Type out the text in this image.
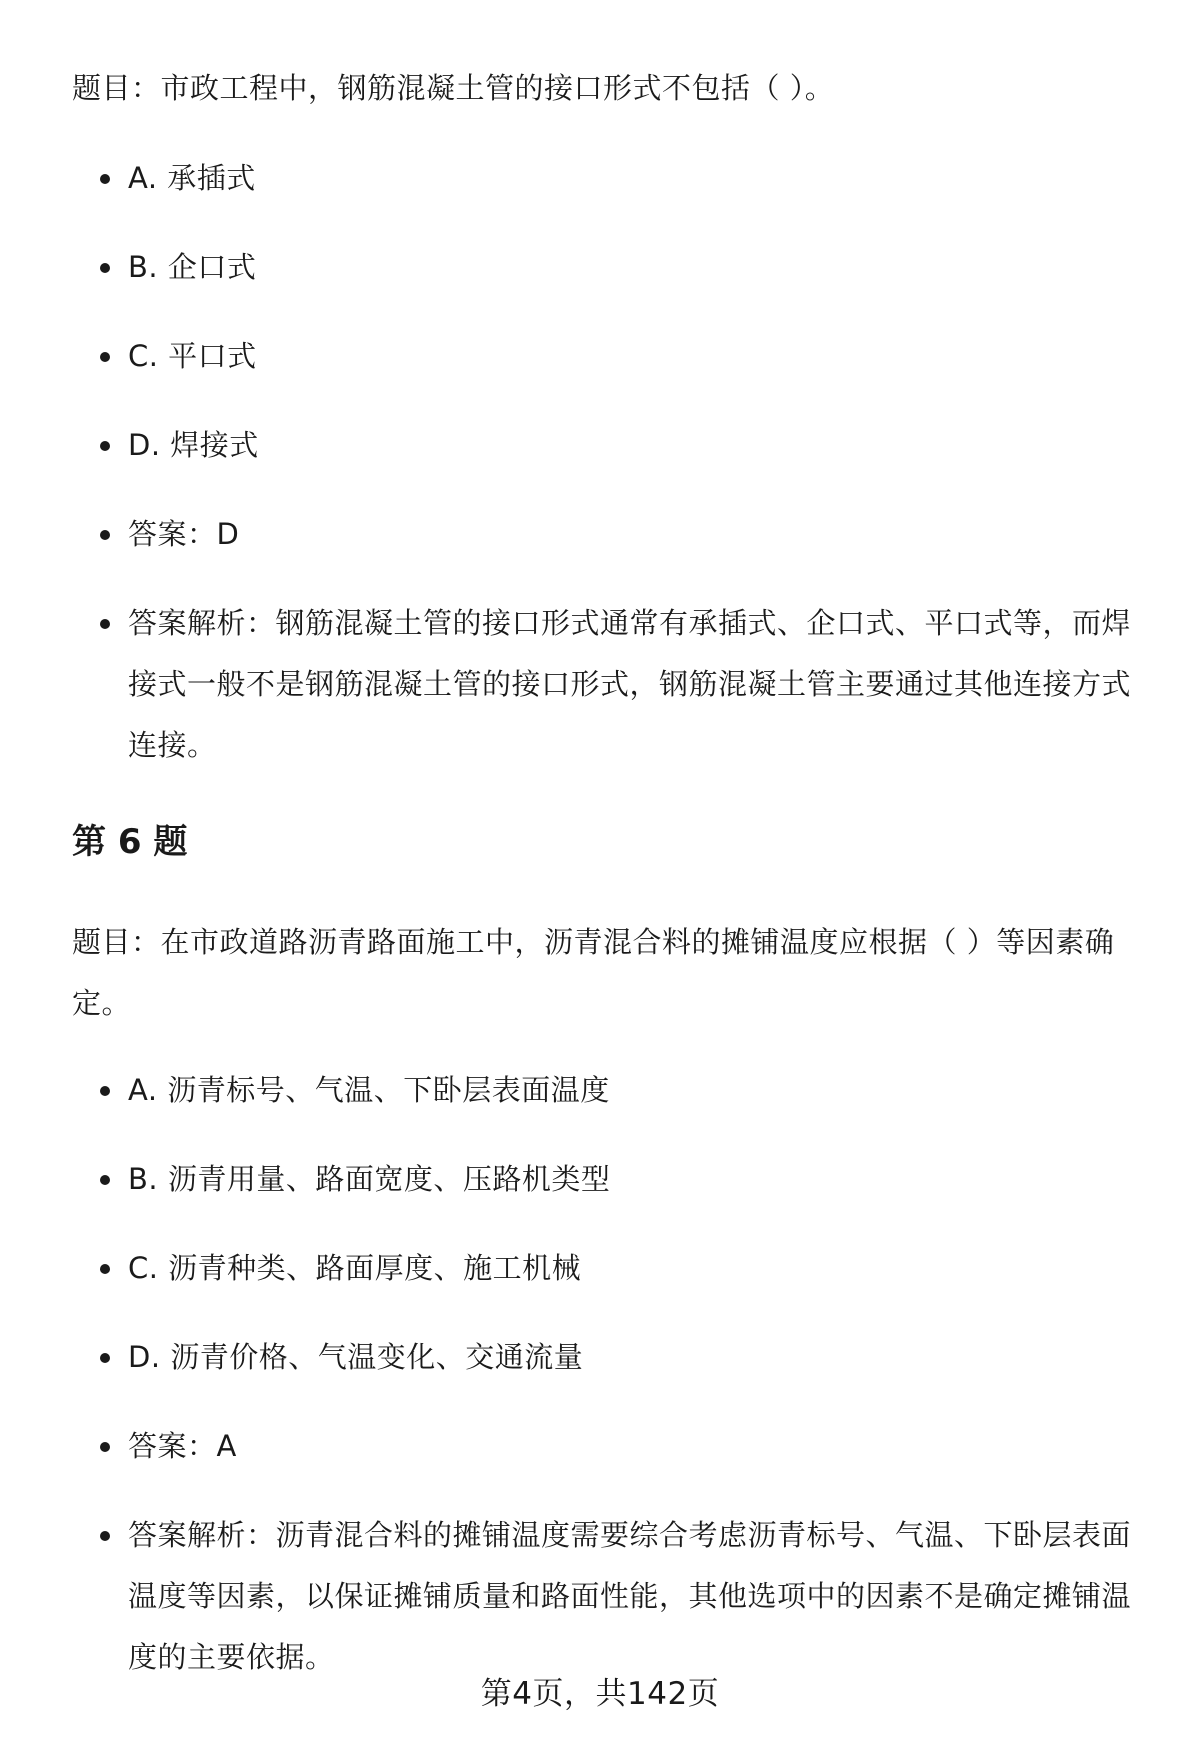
题目：市政工程中，钢筋混凝土管的接口形式不包括（ ）。

A. 承插式
B. 企口式
C. 平口式
D. 焊接式
答案：D
答案解析：钢筋混凝土管的接口形式通常有承插式、企口式、平口式等，而焊接式一般不是钢筋混凝土管的接口形式，钢筋混凝土管主要通过其他连接方式连接。
第 6 题

题目：在市政道路沥青路面施工中，沥青混合料的摊铺温度应根据（ ）等因素确定。

A. 沥青标号、气温、下卧层表面温度
B. 沥青用量、路面宽度、压路机类型
C. 沥青种类、路面厚度、施工机械
D. 沥青价格、气温变化、交通流量
答案：A
答案解析：沥青混合料的摊铺温度需要综合考虑沥青标号、气温、下卧层表面温度等因素，以保证摊铺质量和路面性能，其他选项中的因素不是确定摊铺温度的主要依据。
第4页，共142页
